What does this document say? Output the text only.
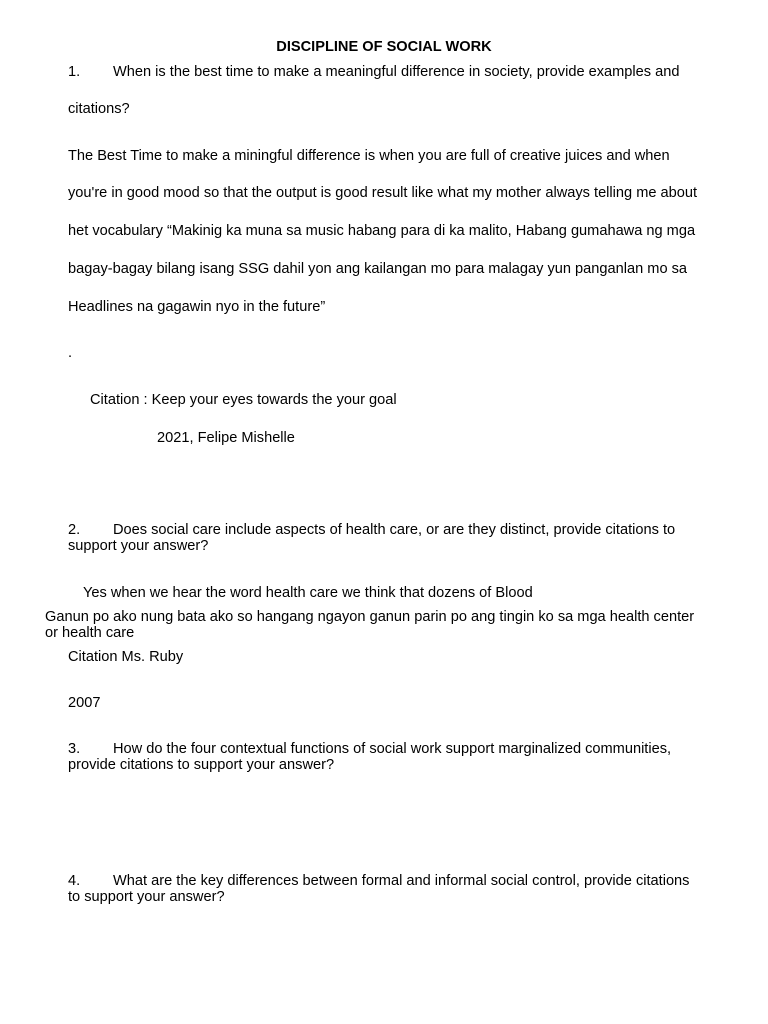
DISCIPLINE OF SOCIAL WORK
1. When is the best time to make a meaningful difference in society, provide examples and
citations?
The Best Time to make a miningful difference is when you are full of creative juices and when
you're in good mood so that the output is good result like what my mother always telling me about
het vocabulary “Makinig ka muna sa music habang para di ka malito, Habang gumahawa ng mga
bagay-bagay bilang isang SSG dahil yon ang kailangan mo para malagay yun panganlan mo sa
Headlines na gagawin nyo in the future”
.
Citation : Keep your eyes towards the your goal
2021, Felipe Mishelle
2. Does social care include aspects of health care, or are they distinct, provide citations to
support your answer?
Yes when we hear the word health care we think that dozens of Blood
Ganun po ako nung bata ako so hangang ngayon ganun parin po ang tingin ko sa mga health center
or health care
Citation Ms. Ruby
2007
3. How do the four contextual functions of social work support marginalized communities,
provide citations to support your answer?
4. What are the key differences between formal and informal social control, provide citations
to support your answer?
